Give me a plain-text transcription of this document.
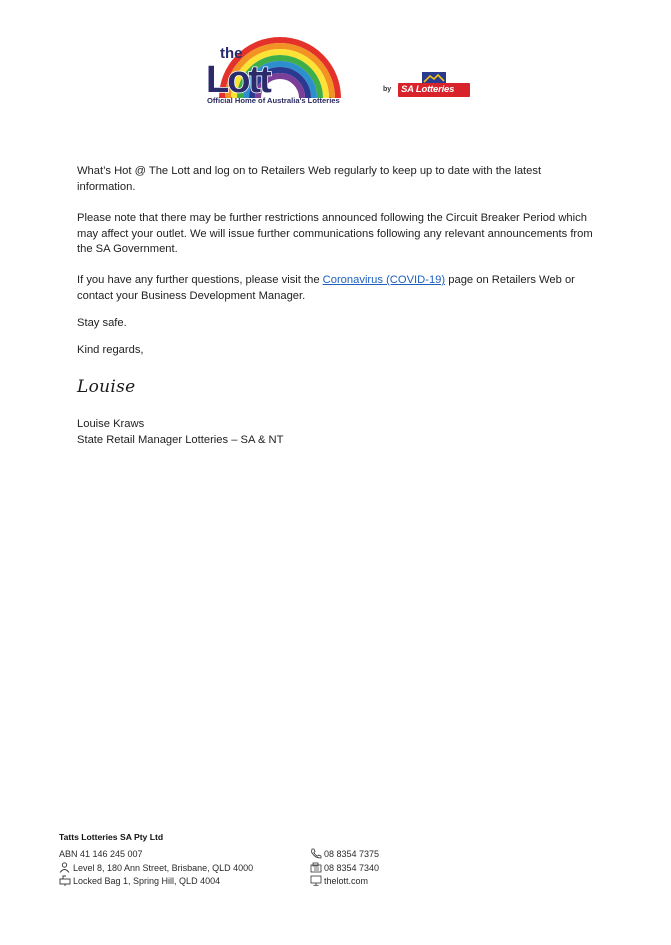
the
Lott
Official Home of Australia's Lotteries
by SA Lotteries

What’s Hot @ The Lott and log on to Retailers Web regularly to keep up to date with the latest information.

Please note that there may be further restrictions announced following the Circuit Breaker Period which may affect your outlet. We will issue further communications following any relevant announcements from the SA Government.

If you have any further questions, please visit the Coronavirus (COVID-19) page on Retailers Web or contact your Business Development Manager.

Stay safe.

Kind regards,

Louise
Louise Kraws
State Retail Manager Lotteries – SA & NT
Tatts Lotteries SA Pty Ltd
ABN 41 146 245 007
Level 8, 180 Ann Street, Brisbane, QLD 4000
Locked Bag 1, Spring Hill, QLD 4004
08 8354 7375
08 8354 7340
thelott.com
